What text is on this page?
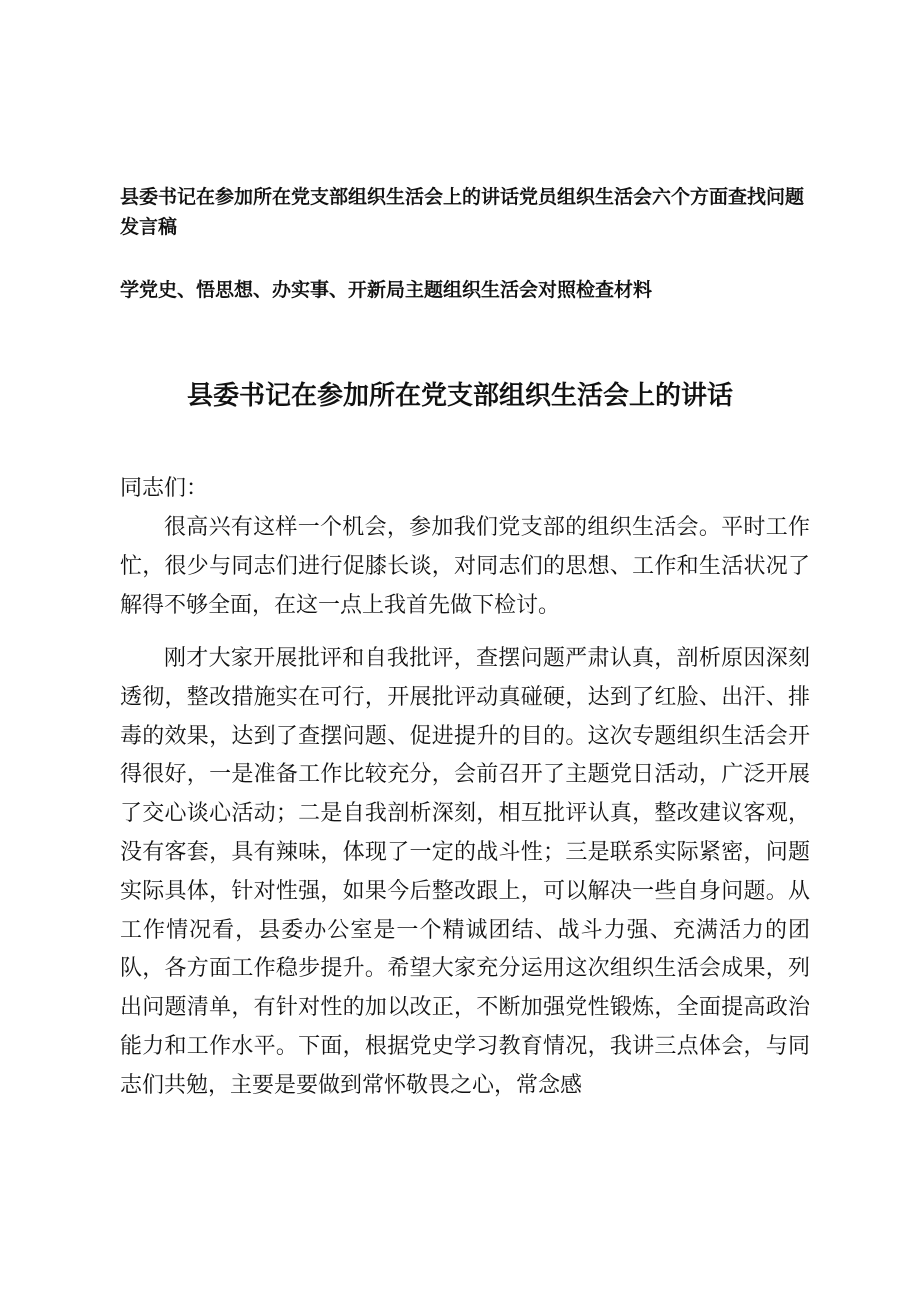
县委书记在参加所在党支部组织生活会上的讲话党员组织生活会六个方面查找问题发言稿

学党史、悟思想、办实事、开新局主题组织生活会对照检查材料

县委书记在参加所在党支部组织生活会上的讲话

同志们：

很高兴有这样一个机会，参加我们党支部的组织生活会。平时工作忙，很少与同志们进行促膝长谈，对同志们的思想、工作和生活状况了解得不够全面，在这一点上我首先做下检讨。

刚才大家开展批评和自我批评，查摆问题严肃认真，剖析原因深刻透彻，整改措施实在可行，开展批评动真碰硬，达到了红脸、出汗、排毒的效果，达到了查摆问题、促进提升的目的。这次专题组织生活会开得很好，一是准备工作比较充分，会前召开了主题党日活动，广泛开展了交心谈心活动；二是自我剖析深刻，相互批评认真，整改建议客观，没有客套，具有辣味，体现了一定的战斗性；三是联系实际紧密，问题实际具体，针对性强，如果今后整改跟上，可以解决一些自身问题。从工作情况看，县委办公室是一个精诚团结、战斗力强、充满活力的团队，各方面工作稳步提升。希望大家充分运用这次组织生活会成果，列出问题清单，有针对性的加以改正，不断加强党性锻炼，全面提高政治能力和工作水平。下面，根据党史学习教育情况，我讲三点体会，与同志们共勉，主要是要做到常怀敬畏之心，常念感
